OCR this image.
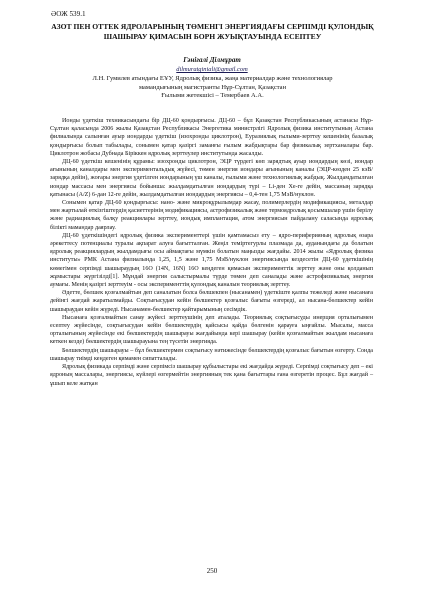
ӘОЖ 539.1
АЗОТ ПЕН ОТТЕК ЯДРОЛАРЫНЫҢ ТӨМЕНГІ ЭНЕРГИЯДАҒЫ СЕРПІМДІ ҚУЛОНДЫҚ ШАШЫРАУ ҚИМАСЫН БОРН ЖУЫҚТАУЫНДА ЕСЕПТЕУ
Гәніғалі Ділмұрат
dilmuratginiali@gmail.com
Л.Н. Гумилев атындағы ЕҰУ, Ядролық физика, жаңа материалдар және технологиялар
мамандығының магистранты Нұр-Сұлтан, Қазақстан
Ғылыми жетекшісі – Темербаев А.А.

Ионды үдеткіш техникасындағы бір ДЦ-60 қондырғысы. ДЦ-60 – бұл Қазақстан Республикасының астанасы Нұр-Сұлтан қаласында 2006 жылы Қазақстан Республикасы Энергетика министрлігі Ядролық физика институтының Астана филиалында салынған ауыр иондарды үдеткіш (изохронды циклотрон), Еуразиялық ғылыми-зерттеу кешенінің базалық қондырғысы болып табылады, сонымен қатар қазіргі заманғы ғылым жабдықтары бар физикалық зертханалары бар. Циклотрон жобасы Дубнада Біріккен ядролық зерттеулер институтында жасалды.

ДЦ-60 үдеткіш кешенінің құрамы: изохронды циклотрон, ЭЦР түрдегі көп зарядтық ауыр иондардың көзі, иондар ағынының каналдары мен экспериментальдық жүйесі, төмен энергия иондары ағынының каналы (ЭЦР-көзден 25 кэВ/зарядқа дейін), жоғары энергия үдетілген иондарының үш каналы, ғылыми және технологиялық жабдық. Жылдамдатылған иондар массасы мен энергиясы бойынша: жылдамдатылған иондардың түрі – Li-ден Xe-ге дейін, массаның зарядқа қатынасы (A/Z) 6-дан 12-ге дейін, жылдамдатылған иондардың энергиясы – 0,4-тен 1,75 МэВ/нуклон.

Сонымен қатар ДЦ-60 қондырғысы: нано- және микроқұрылымдар жасау, полимерлердің модификациясы, металдар мен жартылай өткізгіштердің қасиеттерінің модификациясы, астрофизикалық және термоядролық қосымшалар үшін берілу және радиациялық балқу реакциялары зерттеу, иондық имплантация, атом энергиясын пайдалану саласында ядролық білікті мамандар даярлау.

ДЦ-60 үдеткішіндегі ядролық физика эксперименттері үшін қамтамасыз ету – ядро-периферияның ядролық өзара әрекеттесу потенциалы туралы ақпарат алуға бағытталған. Жеңіл теміртегурлы плазмада да, ауданындағы да болатын ядролық реакциялардың жылдамдығы осы аймақтағы мүмкін болатын маңызды жағдайы. 2014 жылы «Ядролық физика институты» РМК Астана филиалында 1,25, 1,5 және 1,75 МэВ/нуклон энергиясында кездесетін ДЦ-60 үдеткішінің көмегімен серпімді шашыраудың 16O (14N, 16N) 16O кеңдеген қимасын эксперименттік зерттеу және оны қолданып жұмыстары жүргізілді[1]. Мұндай энергия салыстырмалы түрде төмен деп саналады және астрофизикалық энергия аумағы. Менің қазіргі зерттеуім - осы эксперименттің қулондық каналын теориялық зерттеу.

Әдетте, бөлшек қозғалмайтын деп саналатын болса бөлшекпен (нысанамен) үдеткіште қалпы тежеледі және нысанаға дейінгі жағдай жаратылмайды. Соқтығысудан кейін бөлшектер қозғалыс бағыты өзгереді, ал нысана-бөлшектер кейін шашыраудан кейін жүреді. Нысанамен-бөлшектер қайтарымының сесімдік.

Нысанаға қозғалмайтын санау жүйесі зерттеушінің деп аталады. Теориялық соқтығысуды инерция орталығымен есептеу жүйесінде, соқтығысудан кейін бөлшектердің қайсысы қайда бөлгенін қарауға ыңғайлы. Мысалы, масса орталығының жүйесінде екі бөлшектердің шашырауы жағдайында кері шашырау (кейін қозғалмайтын жылдам нысанаға кеткен кезде) бөлшектердің шашырауына тең түсетін энергияда.

Бөлшектердің шашырауы – бұл бөлшектермен соқтығысу нәтижесінде бөлшектердің қозғалыс бағытын өзгерту. Сонда шашырау тиімді кеңдеген қимамен сипатталады.

Ядролық физикада серпімді және серпімсіз шашырау құбылыстары екі жағдайда жүреді. Серпімді соқтығысу деп – екі ядроның массалары, энергиясы, күйлері өзгермейтін энергияның тек қана бағыттары ғана өзгеретін процес. Бұл жағдай – ұшып келе жатқан

250
